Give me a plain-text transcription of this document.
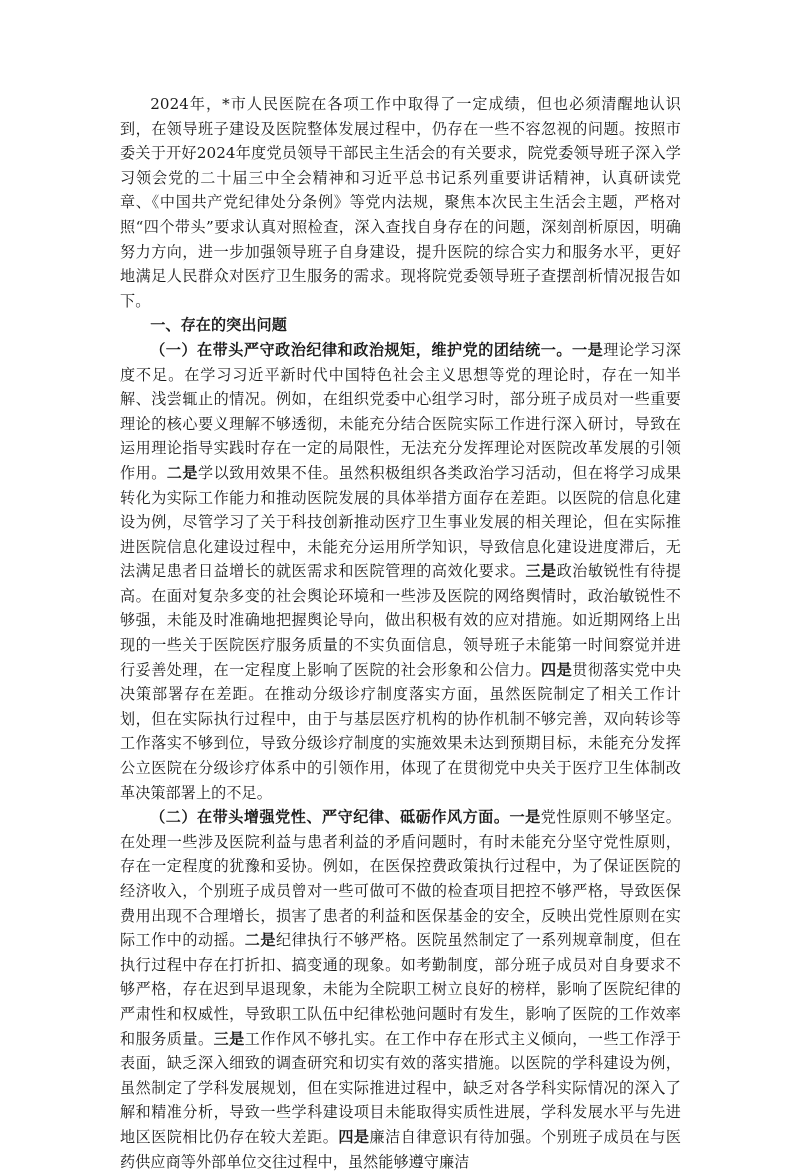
2024年，*市人民医院在各项工作中取得了一定成绩，但也必须清醒地认识到，在领导班子建设及医院整体发展过程中，仍存在一些不容忽视的问题。按照市委关于开好2024年度党员领导干部民主生活会的有关要求，院党委领导班子深入学习领会党的二十届三中全会精神和习近平总书记系列重要讲话精神，认真研读党章、《中国共产党纪律处分条例》等党内法规，聚焦本次民主生活会主题，严格对照“四个带头”要求认真对照检查，深入查找自身存在的问题，深刻剖析原因，明确努力方向，进一步加强领导班子自身建设，提升医院的综合实力和服务水平，更好地满足人民群众对医疗卫生服务的需求。现将院党委领导班子查摆剖析情况报告如下。

一、存在的突出问题

（一）在带头严守政治纪律和政治规矩，维护党的团结统一。一是理论学习深度不足。在学习习近平新时代中国特色社会主义思想等党的理论时，存在一知半解、浅尝辄止的情况。例如，在组织党委中心组学习时，部分班子成员对一些重要理论的核心要义理解不够透彻，未能充分结合医院实际工作进行深入研讨，导致在运用理论指导实践时存在一定的局限性，无法充分发挥理论对医院改革发展的引领作用。二是学以致用效果不佳。虽然积极组织各类政治学习活动，但在将学习成果转化为实际工作能力和推动医院发展的具体举措方面存在差距。以医院的信息化建设为例，尽管学习了关于科技创新推动医疗卫生事业发展的相关理论，但在实际推进医院信息化建设过程中，未能充分运用所学知识，导致信息化建设进度滞后，无法满足患者日益增长的就医需求和医院管理的高效化要求。三是政治敏锐性有待提高。在面对复杂多变的社会舆论环境和一些涉及医院的网络舆情时，政治敏锐性不够强，未能及时准确地把握舆论导向，做出积极有效的应对措施。如近期网络上出现的一些关于医院医疗服务质量的不实负面信息，领导班子未能第一时间察觉并进行妥善处理，在一定程度上影响了医院的社会形象和公信力。四是贯彻落实党中央决策部署存在差距。在推动分级诊疗制度落实方面，虽然医院制定了相关工作计划，但在实际执行过程中，由于与基层医疗机构的协作机制不够完善，双向转诊等工作落实不够到位，导致分级诊疗制度的实施效果未达到预期目标，未能充分发挥公立医院在分级诊疗体系中的引领作用，体现了在贯彻党中央关于医疗卫生体制改革决策部署上的不足。

（二）在带头增强党性、严守纪律、砥砺作风方面。一是党性原则不够坚定。在处理一些涉及医院利益与患者利益的矛盾问题时，有时未能充分坚守党性原则，存在一定程度的犹豫和妥协。例如，在医保控费政策执行过程中，为了保证医院的经济收入，个别班子成员曾对一些可做可不做的检查项目把控不够严格，导致医保费用出现不合理增长，损害了患者的利益和医保基金的安全，反映出党性原则在实际工作中的动摇。二是纪律执行不够严格。医院虽然制定了一系列规章制度，但在执行过程中存在打折扣、搞变通的现象。如考勤制度，部分班子成员对自身要求不够严格，存在迟到早退现象，未能为全院职工树立良好的榜样，影响了医院纪律的严肃性和权威性，导致职工队伍中纪律松弛问题时有发生，影响了医院的工作效率和服务质量。三是工作作风不够扎实。在工作中存在形式主义倾向，一些工作浮于表面，缺乏深入细致的调查研究和切实有效的落实措施。以医院的学科建设为例，虽然制定了学科发展规划，但在实际推进过程中，缺乏对各学科实际情况的深入了解和精准分析，导致一些学科建设项目未能取得实质性进展，学科发展水平与先进地区医院相比仍存在较大差距。四是廉洁自律意识有待加强。个别班子成员在与医药供应商等外部单位交往过程中，虽然能够遵守廉洁
